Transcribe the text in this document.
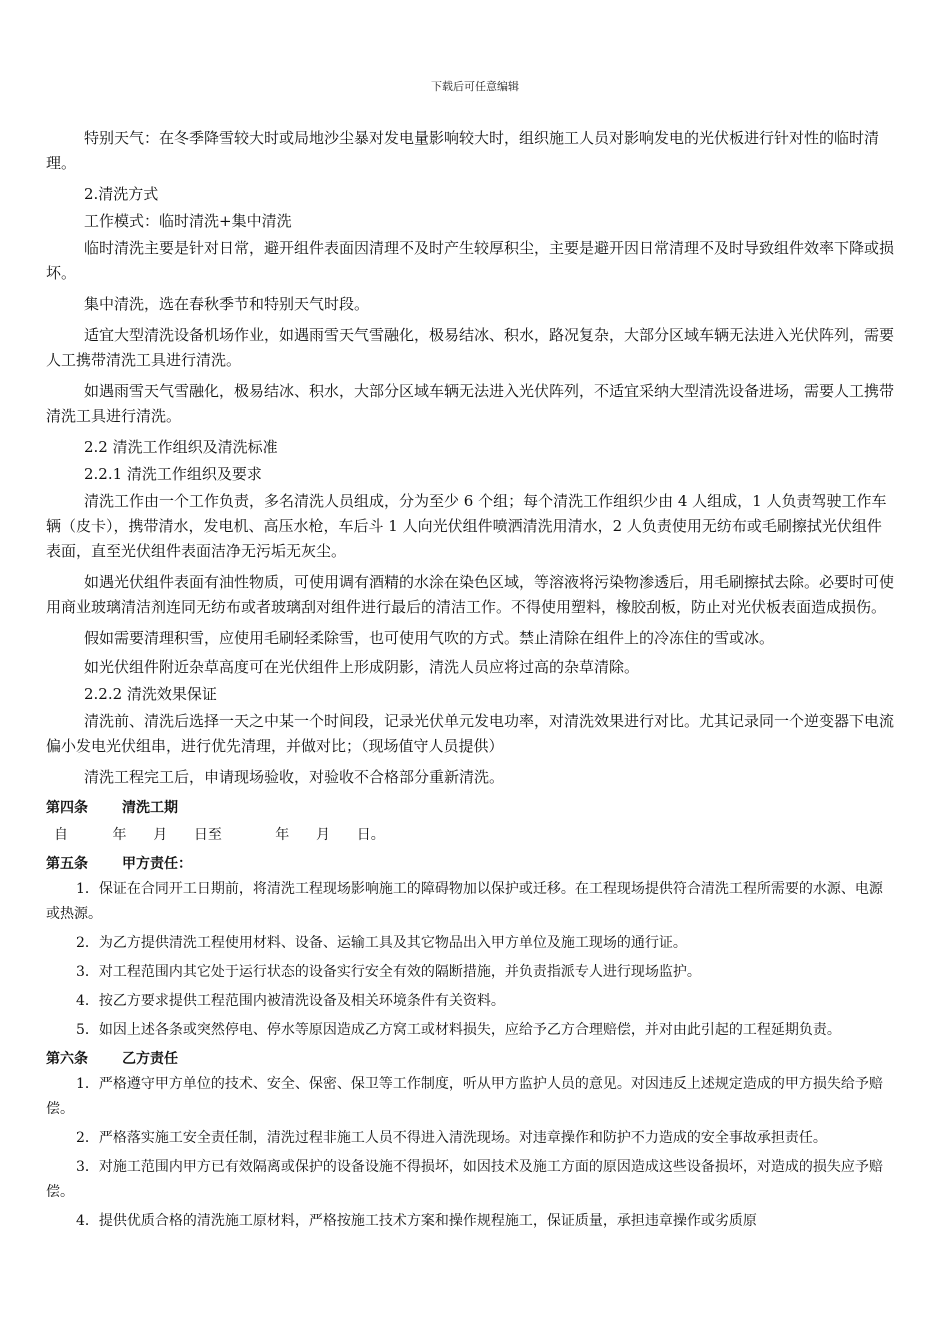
下载后可任意编辑

特别天气：在冬季降雪较大时或局地沙尘暴对发电量影响较大时，组织施工人员对影响发电的光伏板进行针对性的临时清理。

2.清洗方式

工作模式：临时清洗+集中清洗

临时清洗主要是针对日常，避开组件表面因清理不及时产生较厚积尘，主要是避开因日常清理不及时导致组件效率下降或损坏。

集中清洗，选在春秋季节和特别天气时段。

适宜大型清洗设备机场作业，如遇雨雪天气雪融化，极易结冰、积水，路况复杂，大部分区域车辆无法进入光伏阵列，需要人工携带清洗工具进行清洗。

如遇雨雪天气雪融化，极易结冰、积水，大部分区域车辆无法进入光伏阵列，不适宜采纳大型清洗设备进场，需要人工携带清洗工具进行清洗。

2.2 清洗工作组织及清洗标准

2.2.1 清洗工作组织及要求

清洗工作由一个工作负责，多名清洗人员组成，分为至少 6 个组；每个清洗工作组织少由 4 人组成，1 人负责驾驶工作车辆（皮卡），携带清水，发电机、高压水枪，车后斗 1 人向光伏组件喷洒清洗用清水，2 人负责使用无纺布或毛刷擦拭光伏组件表面，直至光伏组件表面洁净无污垢无灰尘。

如遇光伏组件表面有油性物质，可使用调有酒精的水涂在染色区域，等溶液将污染物渗透后，用毛刷擦拭去除。必要时可使用商业玻璃清洁剂连同无纺布或者玻璃刮对组件进行最后的清洁工作。不得使用塑料，橡胶刮板，防止对光伏板表面造成损伤。

假如需要清理积雪，应使用毛刷轻柔除雪，也可使用气吹的方式。禁止清除在组件上的冷冻住的雪或冰。

如光伏组件附近杂草高度可在光伏组件上形成阴影，清洗人员应将过高的杂草清除。

2.2.2 清洗效果保证

清洗前、清洗后选择一天之中某一个时间段，记录光伏单元发电功率，对清洗效果进行对比。尤其记录同一个逆变器下电流偏小发电光伏组串，进行优先清理，并做对比；（现场值守人员提供）

清洗工程完工后，申请现场验收，对验收不合格部分重新清洗。

第四条 清洗工期

自          年      月      日至            年      月      日。

第五条 甲方责任：

1．保证在合同开工日期前，将清洗工程现场影响施工的障碍物加以保护或迁移。在工程现场提供符合清洗工程所需要的水源、电源或热源。

2．为乙方提供清洗工程使用材料、设备、运输工具及其它物品出入甲方单位及施工现场的通行证。

3．对工程范围内其它处于运行状态的设备实行安全有效的隔断措施，并负责指派专人进行现场监护。

4．按乙方要求提供工程范围内被清洗设备及相关环境条件有关资料。

5．如因上述各条或突然停电、停水等原因造成乙方窝工或材料损失，应给予乙方合理赔偿，并对由此引起的工程延期负责。

第六条 乙方责任

1．严格遵守甲方单位的技术、安全、保密、保卫等工作制度，听从甲方监护人员的意见。对因违反上述规定造成的甲方损失给予赔偿。

2．严格落实施工安全责任制，清洗过程非施工人员不得进入清洗现场。对违章操作和防护不力造成的安全事故承担责任。

3．对施工范围内甲方已有效隔离或保护的设备设施不得损坏，如因技术及施工方面的原因造成这些设备损坏，对造成的损失应予赔偿。

4．提供优质合格的清洗施工原材料，严格按施工技术方案和操作规程施工，保证质量，承担违章操作或劣质原
